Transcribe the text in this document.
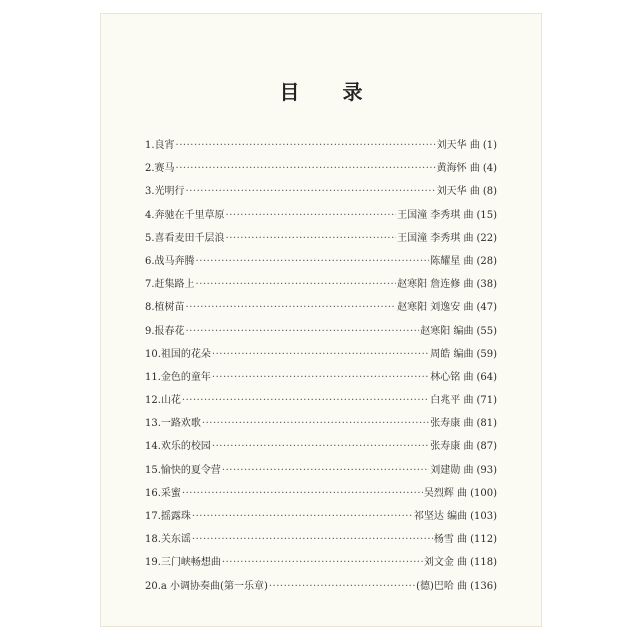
目 录
1. 良宵 ·····	刘天华 曲 (1)
2. 赛马 ·····	黄海怀 曲 (4)
3. 光明行 ·····	刘天华 曲 (8)
4. 奔驰在千里草原 ·····	王国潼 李秀琪 曲 (15)
5. 喜看麦田千层浪 ·····	王国潼 李秀琪 曲 (22)
6. 战马奔腾 ·····	陈耀星 曲 (28)
7. 赶集路上 ·····	赵寒阳 詹连修 曲 (38)
8. 植树苗 ·····	赵寒阳 刘逸安 曲 (47)
9. 报春花 ·····	赵寒阳 编曲 (55)
10. 祖国的花朵 ·····	周皓 编曲 (59)
11. 金色的童年 ·····	林心铭 曲 (64)
12. 山花 ·····	白兆平 曲 (71)
13. 一路欢歌 ·····	张寿康 曲 (81)
14. 欢乐的校园 ·····	张寿康 曲 (87)
15. 愉快的夏令营 ·····	刘建勋 曲 (93)
16. 采蜜 ·····	吴烈辉 曲 (100)
17. 摇露珠 ·····	祁坚达 编曲 (103)
18. 关东谣 ·····	杨雪 曲 (112)
19. 三门峡畅想曲 ·····	刘文金 曲 (118)
20. a 小调协奏曲(第一乐章) ·····	(德)巴哈 曲 (136)
